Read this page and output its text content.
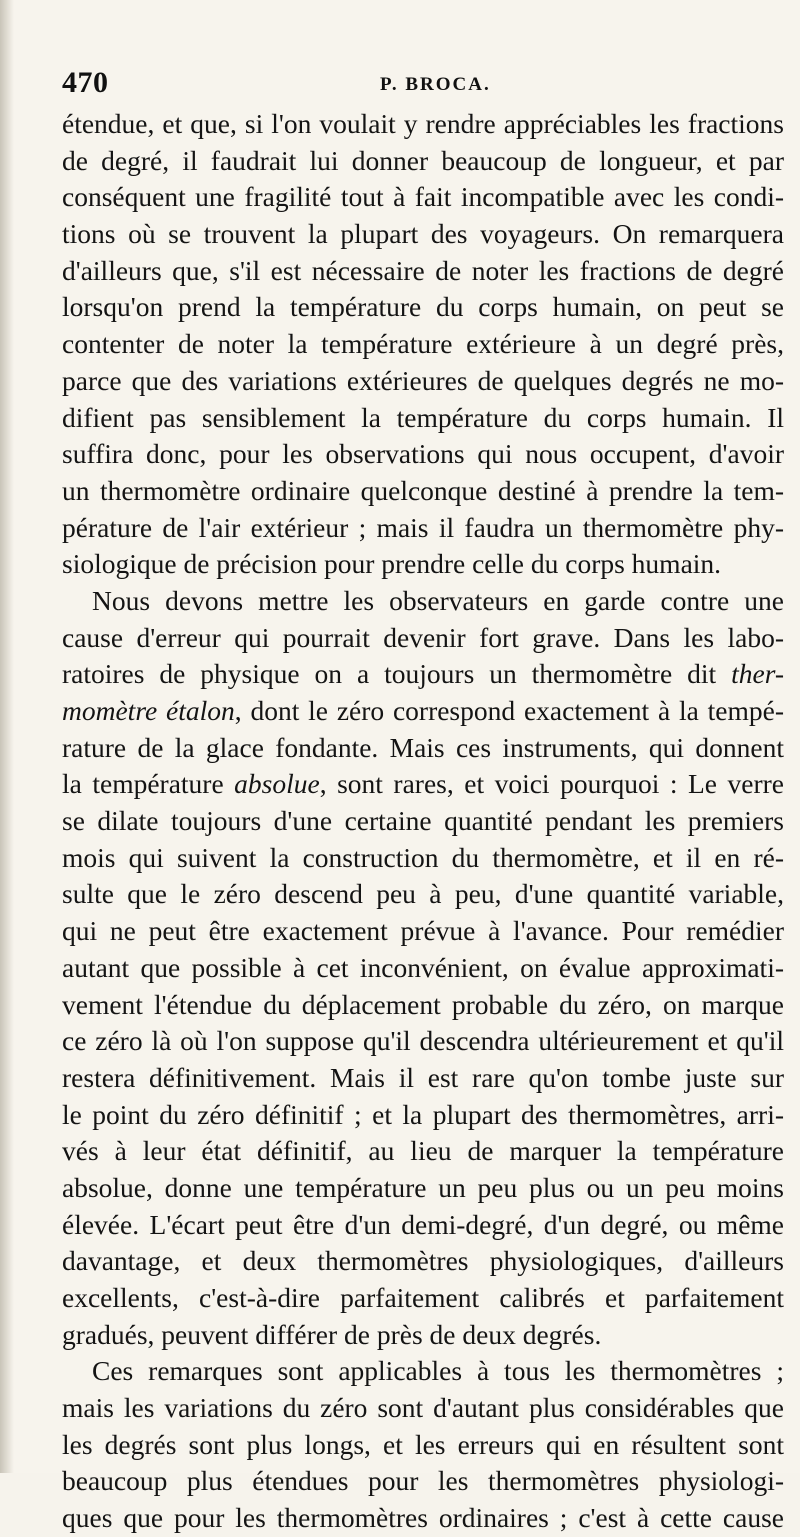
470	P. BROCA.
étendue, et que, si l'on voulait y rendre appréciables les fractions
de degré, il faudrait lui donner beaucoup de longueur, et par
conséquent une fragilité tout à fait incompatible avec les condi-
tions où se trouvent la plupart des voyageurs. On remarquera
d'ailleurs que, s'il est nécessaire de noter les fractions de degré
lorsqu'on prend la température du corps humain, on peut se
contenter de noter la température extérieure à un degré près,
parce que des variations extérieures de quelques degrés ne mo-
difient pas sensiblement la température du corps humain. Il
suffira donc, pour les observations qui nous occupent, d'avoir
un thermomètre ordinaire quelconque destiné à prendre la tem-
pérature de l'air extérieur ; mais il faudra un thermomètre phy-
siologique de précision pour prendre celle du corps humain.
Nous devons mettre les observateurs en garde contre une
cause d'erreur qui pourrait devenir fort grave. Dans les labo-
ratoires de physique on a toujours un thermomètre dit ther-
momètre étalon, dont le zéro correspond exactement à la tempé-
rature de la glace fondante. Mais ces instruments, qui donnent
la température absolue, sont rares, et voici pourquoi : Le verre
se dilate toujours d'une certaine quantité pendant les premiers
mois qui suivent la construction du thermomètre, et il en ré-
sulte que le zéro descend peu à peu, d'une quantité variable,
qui ne peut être exactement prévue à l'avance. Pour remédier
autant que possible à cet inconvénient, on évalue approximati-
vement l'étendue du déplacement probable du zéro, on marque
ce zéro là où l'on suppose qu'il descendra ultérieurement et qu'il
restera définitivement. Mais il est rare qu'on tombe juste sur
le point du zéro définitif ; et la plupart des thermomètres, arri-
vés à leur état définitif, au lieu de marquer la température
absolue, donne une température un peu plus ou un peu moins
élevée. L'écart peut être d'un demi-degré, d'un degré, ou même
davantage, et deux thermomètres physiologiques, d'ailleurs
excellents, c'est-à-dire parfaitement calibrés et parfaitement
gradués, peuvent différer de près de deux degrés.
Ces remarques sont applicables à tous les thermomètres ;
mais les variations du zéro sont d'autant plus considérables que
les degrés sont plus longs, et les erreurs qui en résultent sont
beaucoup plus étendues pour les thermomètres physiologi-
ques que pour les thermomètres ordinaires ; c'est à cette cause
